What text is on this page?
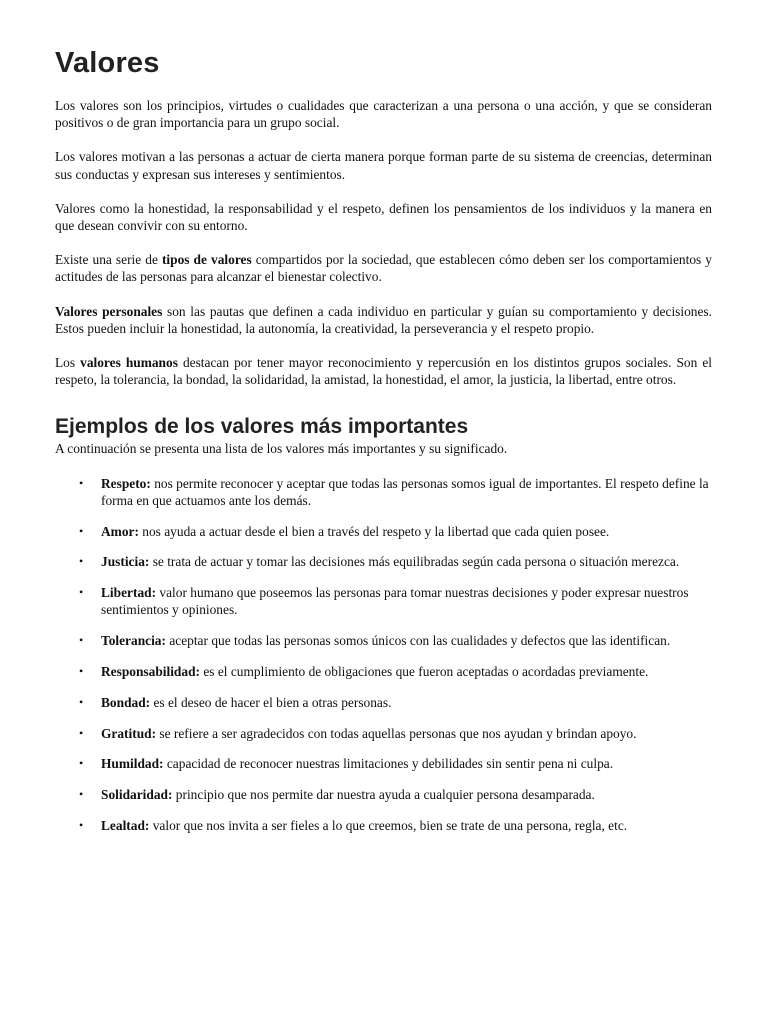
Valores

Los valores son los principios, virtudes o cualidades que caracterizan a una persona o una acción, y que se consideran positivos o de gran importancia para un grupo social.

Los valores motivan a las personas a actuar de cierta manera porque forman parte de su sistema de creencias, determinan sus conductas y expresan sus intereses y sentimientos.

Valores como la honestidad, la responsabilidad y el respeto, definen los pensamientos de los individuos y la manera en que desean convivir con su entorno.

Existe una serie de tipos de valores compartidos por la sociedad, que establecen cómo deben ser los comportamientos y actitudes de las personas para alcanzar el bienestar colectivo.

Valores personales son las pautas que definen a cada individuo en particular y guían su comportamiento y decisiones. Estos pueden incluir la honestidad, la autonomía, la creatividad, la perseverancia y el respeto propio.

Los valores humanos destacan por tener mayor reconocimiento y repercusión en los distintos grupos sociales. Son el respeto, la tolerancia, la bondad, la solidaridad, la amistad, la honestidad, el amor, la justicia, la libertad, entre otros.

Ejemplos de los valores más importantes

A continuación se presenta una lista de los valores más importantes y su significado.

• Respeto: nos permite reconocer y aceptar que todas las personas somos igual de importantes. El respeto define la forma en que actuamos ante los demás.
• Amor: nos ayuda a actuar desde el bien a través del respeto y la libertad que cada quien posee.
• Justicia: se trata de actuar y tomar las decisiones más equilibradas según cada persona o situación merezca.
• Libertad: valor humano que poseemos las personas para tomar nuestras decisiones y poder expresar nuestros sentimientos y opiniones.
• Tolerancia: aceptar que todas las personas somos únicos con las cualidades y defectos que las identifican.
• Responsabilidad: es el cumplimiento de obligaciones que fueron aceptadas o acordadas previamente.
• Bondad: es el deseo de hacer el bien a otras personas.
• Gratitud: se refiere a ser agradecidos con todas aquellas personas que nos ayudan y brindan apoyo.
• Humildad: capacidad de reconocer nuestras limitaciones y debilidades sin sentir pena ni culpa.
• Solidaridad: principio que nos permite dar nuestra ayuda a cualquier persona desamparada.
• Lealtad: valor que nos invita a ser fieles a lo que creemos, bien se trate de una persona, regla, etc.
